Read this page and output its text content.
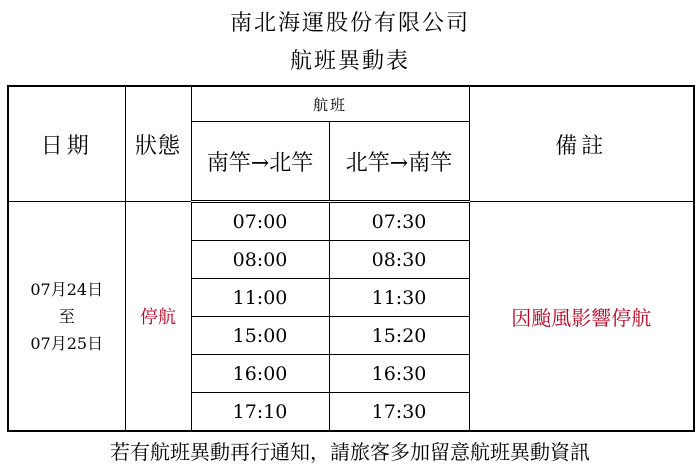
南北海運股份有限公司
航班異動表
日期	狀態	航班		備註
		南竿→北竿	北竿→南竿	

07月24日
至
07月25日	停航	07:00	07:30	因颱風影響停航
		08:00	08:30	
		11:00	11:30	
		15:00	15:20	
		16:00	16:30	
		17:10	17:30	
若有航班異動再行通知，請旅客多加留意航班異動資訊
